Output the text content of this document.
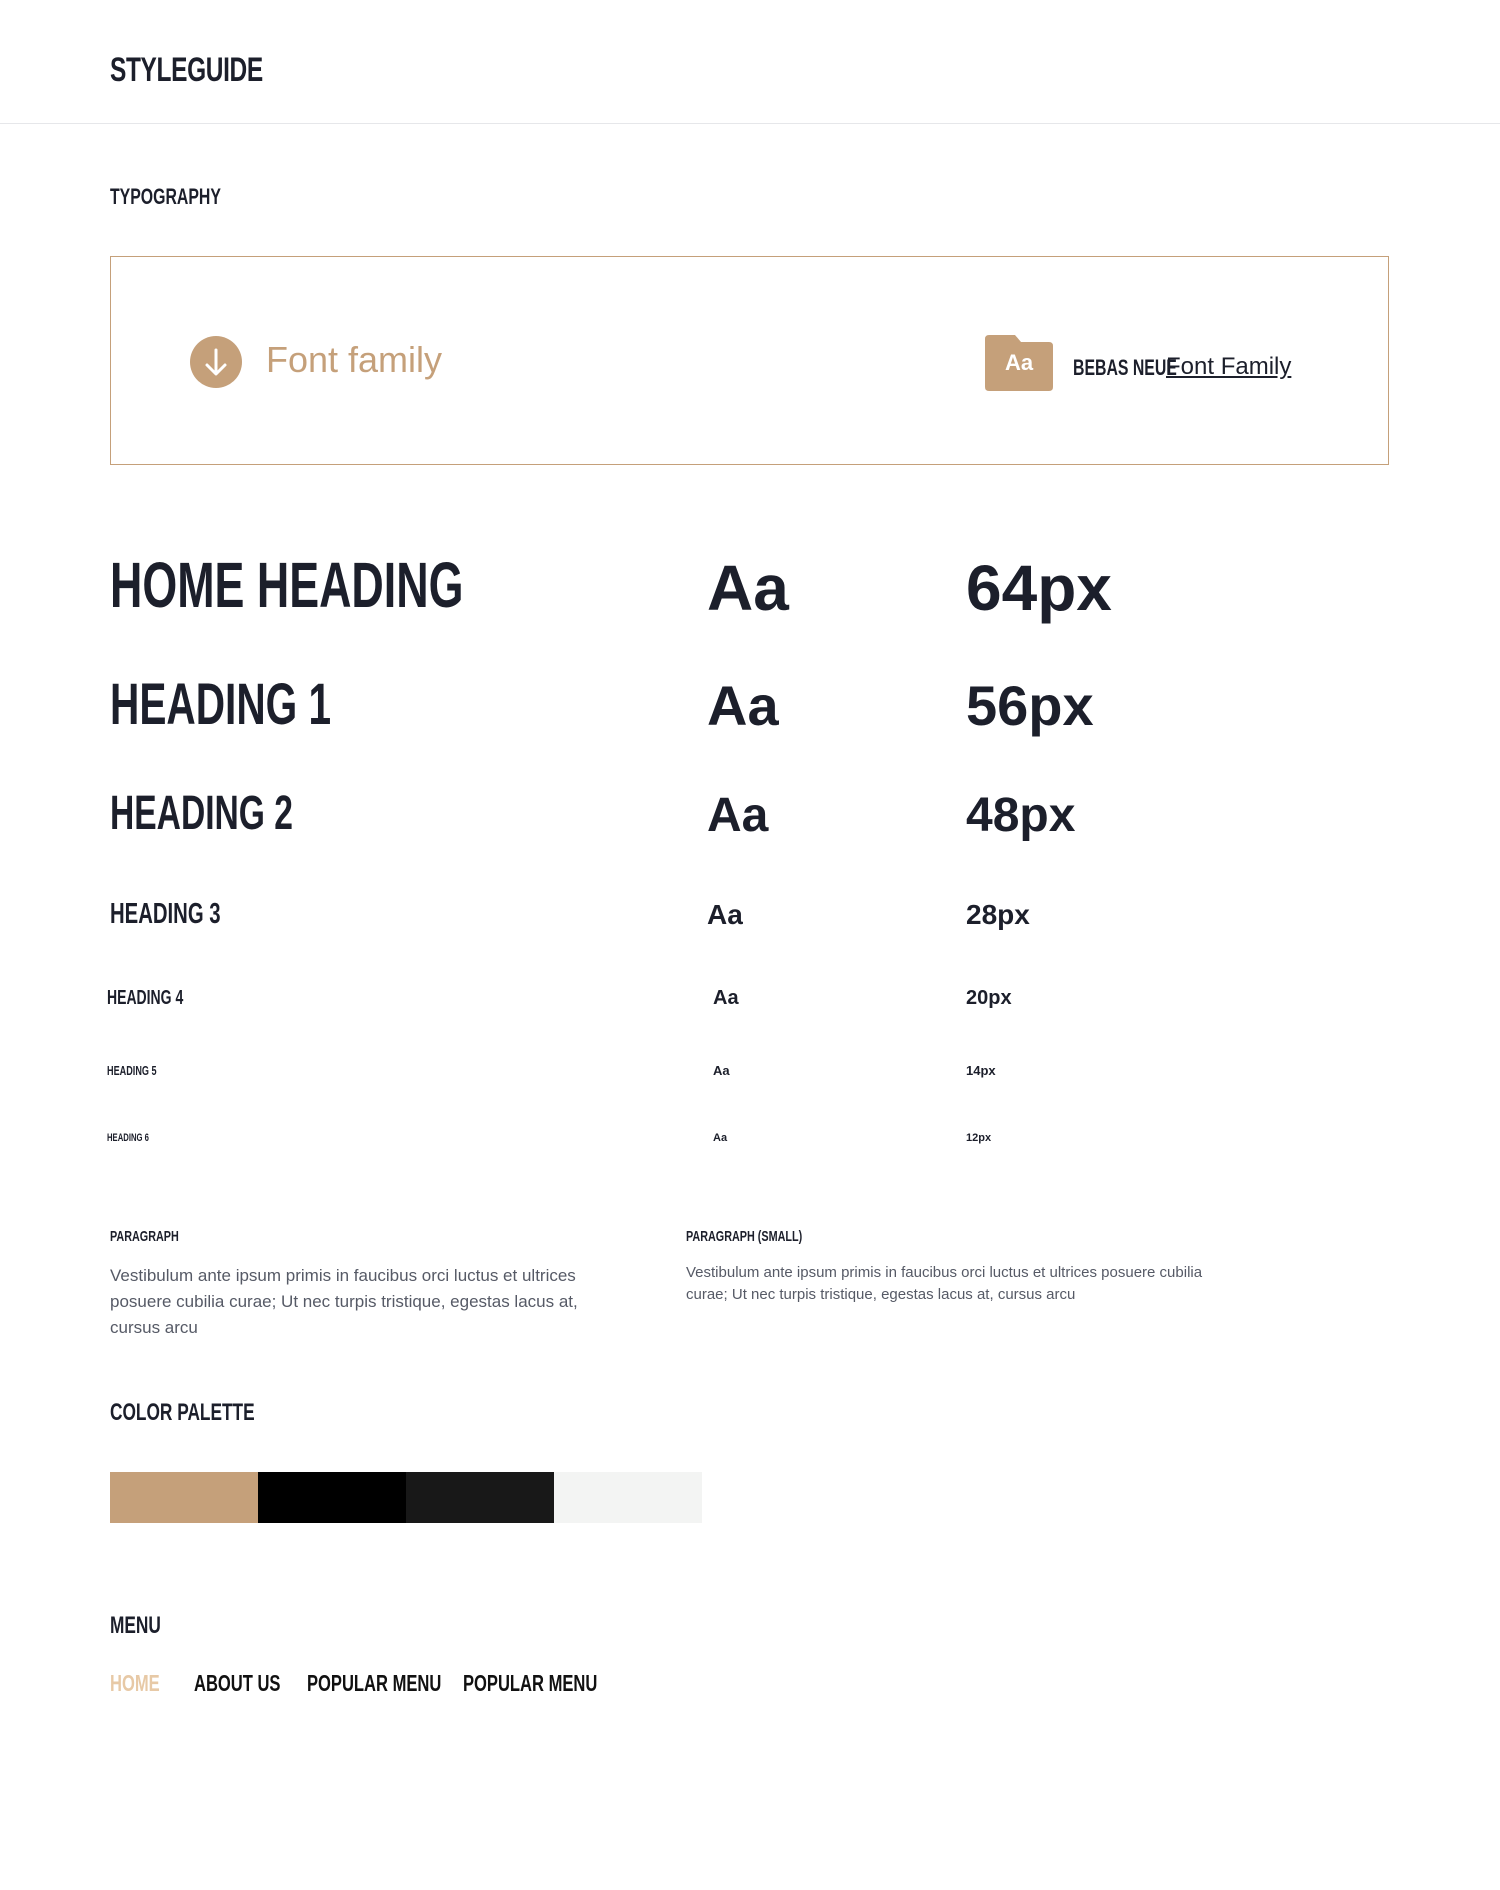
STYLEGUIDE
TYPOGRAPHY
Font family	Aa	BEBAS NEUE
Font Family
HOME HEADING	Aa	64px
HEADING 1	Aa	56px
HEADING 2	Aa	48px
HEADING 3	Aa	28px
HEADING 4	Aa	20px
HEADING 5	Aa	14px
HEADING 6	Aa	12px
PARAGRAPH
Vestibulum ante ipsum primis in faucibus orci luctus et ultrices posuere cubilia curae; Ut nec turpis tristique, egestas lacus at, cursus arcu
PARAGRAPH (SMALL)
Vestibulum ante ipsum primis in faucibus orci luctus et ultrices posuere cubilia curae; Ut nec turpis tristique, egestas lacus at, cursus arcu
COLOR PALETTE
MENU
HOME ABOUT US POPULAR MENU POPULAR MENU
